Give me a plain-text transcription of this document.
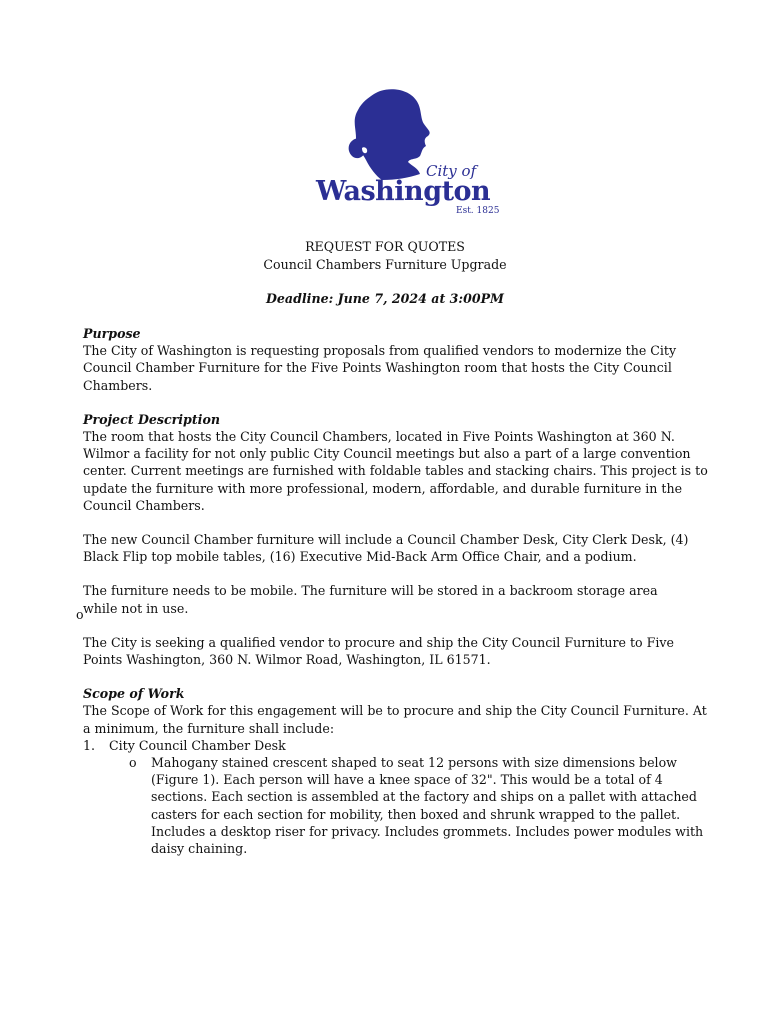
City of
Washington
Est. 1825
REQUEST FOR QUOTES
Council Chambers Furniture Upgrade
Deadline: June 7, 2024 at 3:00PM

Purpose

The City of Washington is requesting proposals from qualified vendors to modernize the City Council Chamber Furniture for the Five Points Washington room that hosts the City Council Chambers.

Project Description

The room that hosts the City Council Chambers, located in Five Points Washington at 360 N. Wilmor a facility for not only public City Council meetings but also a part of a large convention center. Current meetings are furnished with foldable tables and stacking chairs. This project is to update the furniture with more professional, modern, affordable, and durable furniture in the Council Chambers.

The new Council Chamber furniture will include a Council Chamber Desk, City Clerk Desk, (4) Black Flip top mobile tables, (16) Executive Mid-Back Arm Office Chair, and a podium.

The furniture needs to be mobile. The furniture will be stored in a backroom storage area while not in use.

The City is seeking a qualified vendor to procure and ship the City Council Furniture to Five Points Washington, 360 N. Wilmor Road, Washington, IL 61571.

Scope of Work

The Scope of Work for this engagement will be to procure and ship the City Council Furniture. At a minimum, the furniture shall include:

1.	City Council Chamber Desk
o	Mahogany stained crescent shaped to seat 12 persons with size dimensions below (Figure 1). Each person will have a knee space of 32". This would be a total of 4 sections. Each section is assembled at the factory and ships on a pallet with attached casters for each section for mobility, then boxed and shrunk wrapped to the pallet. Includes a desktop riser for privacy. Includes grommets. Includes power modules with daisy chaining.
o
